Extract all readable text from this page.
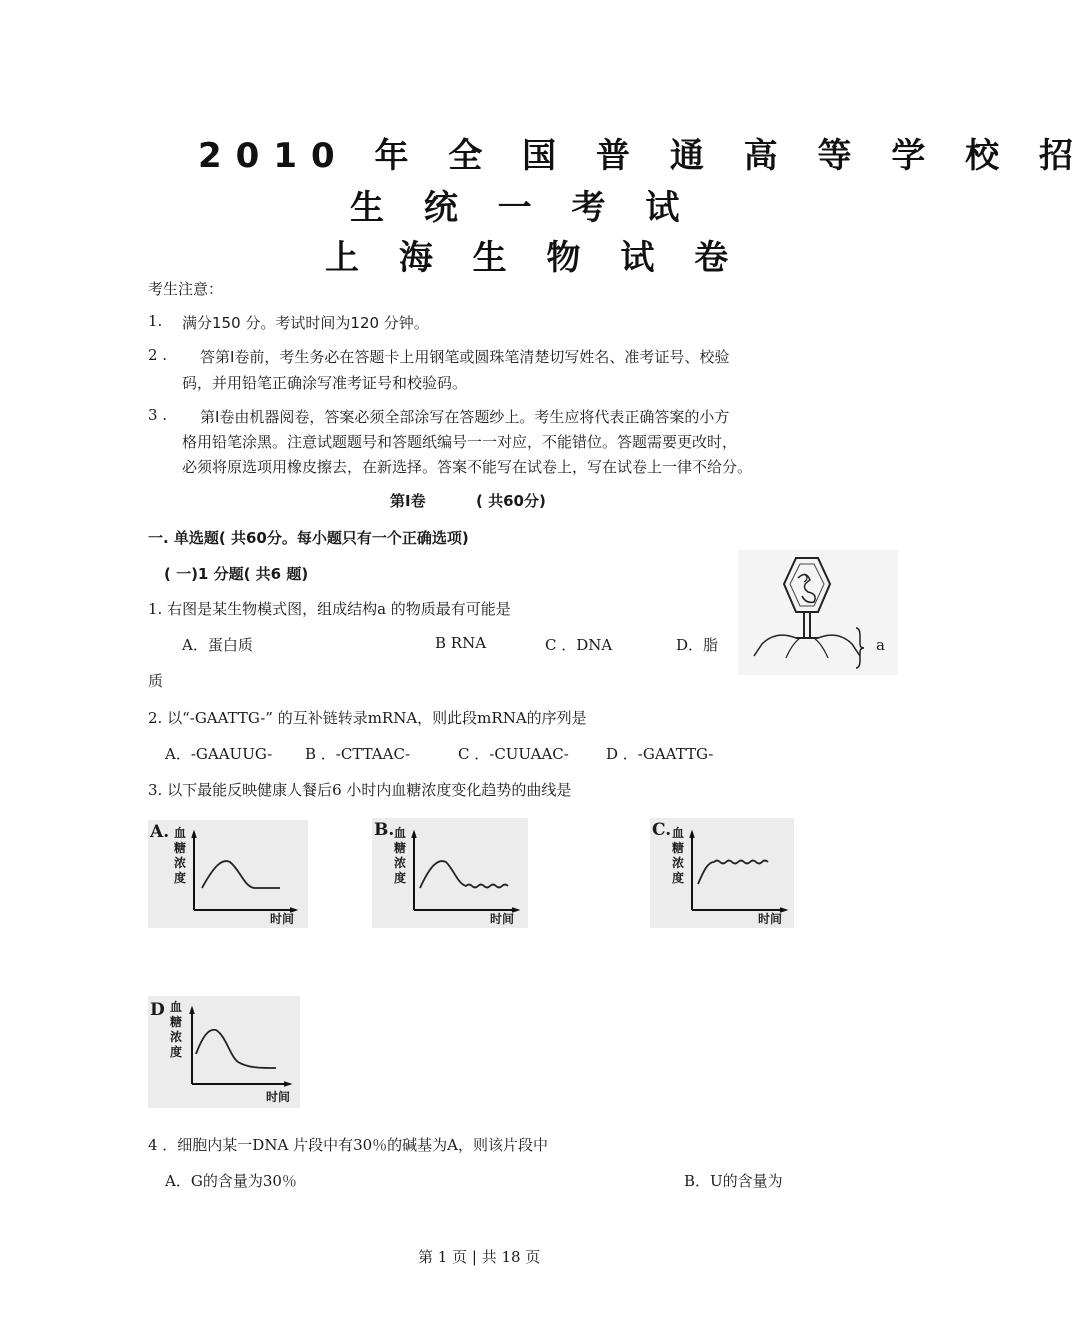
2010 年 全 国 普 通 高 等 学 校 招
生 统 一 考 试
上 海 生 物 试 卷
考生注意：
1. 满分150 分。考试时间为120 分钟。
2 . 答第Ⅰ卷前，考生务必在答题卡上用钢笔或圆珠笔清楚切写姓名、准考证号、校验
码，并用铅笔正确涂写准考证号和校验码。
3 . 第Ⅰ卷由机器阅卷，答案必须全部涂写在答题纱上。考生应将代表正确答案的小方
格用铅笔涂黑。注意试题题号和答题纸编号一一对应，不能错位。答题需要更改时，
必须将原选项用橡皮擦去，在新选择。答案不能写在试卷上，写在试卷上一律不给分。
第Ⅰ卷	( 共60分)
一. 单选题( 共60分。每小题只有一个正确选项)
( 一)1 分题( 共6 题)
1. 右图是某生物模式图，组成结构a 的物质最有可能是
A．蛋白质	B RNA	C ．DNA	D．脂
质
a
2. 以“-GAATTG-” 的互补链转录mRNA，则此段mRNA的序列是
A．-GAAUUG- B ．-CTTAAC-	C ．-CUUAAC- D ．-GAATTG-
3. 以下最能反映健康人餐后6 小时内血糖浓度变化趋势的曲线是
A. 血
糖
浓
度
时间
B. 血
糖
浓
度
时间
C. 血
糖
浓
度
时间
D 血
糖
浓
度
时间
4 ．细胞内某一DNA 片段中有30％的碱基为A，则该片段中
A．G的含量为30％	B．U的含量为
第 1 页 | 共 18 页
